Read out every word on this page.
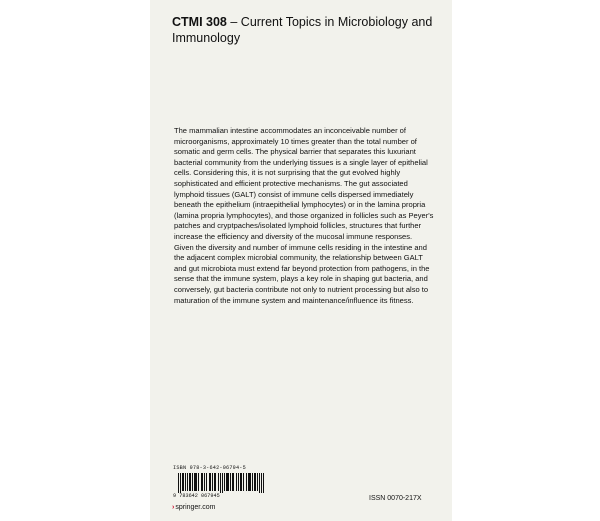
CTMI 308 – Current Topics in Microbiology and Immunology

The mammalian intestine accommodates an inconceivable number of microorganisms, approximately 10 times greater than the total number of somatic and germ cells. The physical barrier that separates this luxuriant bacterial community from the underlying tissues is a single layer of epithelial cells. Considering this, it is not surprising that the gut evolved highly sophisticated and efficient protective mechanisms. The gut associated lymphoid tissues (GALT) consist of immune cells dispersed immediately beneath the epithelium (intraepithelial lymphocytes) or in the lamina propria (lamina propria lymphocytes), and those organized in follicles such as Peyer's patches and cryptpaches/isolated lymphoid follicles, structures that further increase the efficiency and diversity of the mucosal immune responses.

Given the diversity and number of immune cells residing in the intestine and the adjacent complex microbial community, the relationship between GALT and gut microbiota must extend far beyond protection from pathogens, in the sense that the immune system, plays a key role in shaping gut bacteria, and conversely, gut bacteria contribute not only to nutrient processing but also to maturation of the immune system and maintenance/influence its fitness.

ISBN 978-3-642-06794-5
9 783642 067945
›springer.com
ISSN 0070-217X
